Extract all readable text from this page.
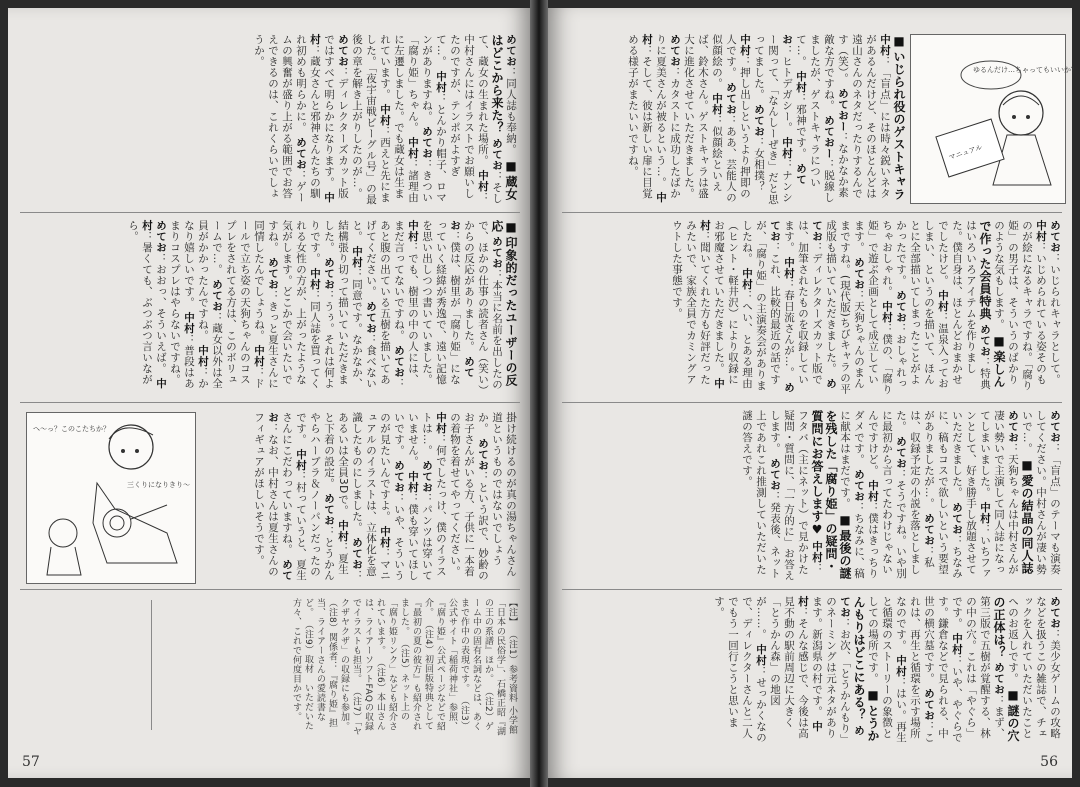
ゆるんだけ…ちゃってもいいか？
マニュアル
■ いじられ役のゲストキャラ 中村：「盲点」には時々鋭いネタがあるんだけど、そのほとんどは遠山さんのネタだったりするんです（笑）。 めておー：なかなか素敵な方ですね。 めておー：脱線しましたが、ゲストキャラについて…。 中村：邪神です。 めてお：ヒトデガシー。 中村：ナンシー関って、「なんしーぜき」だと思ってました。 めてお：女相撲？ 中村：押し出しというより押即の人です。 めてお：ああ、芸能人の似顔絵の。 中村：似顔絵といえば、鈴木さん。ゲストキャラは盛大に進化させていただきました。 めてお：カタストに成功したばかりに夏美さんが被るという…。 中村：そして、彼は新しい扉に目覚める様子がまたいいですね。
めてお：いじられキャラとして。 中村：いじめられている姿そのものが絵になるキャラですね。「腐り姫」の男子は、そういうのばかりのような気もします。 ■ 楽しんで作った会員特典 めてお：特典はいろいろアイテムを作りました。僕自身は、ほとんどおまかせでしたけど。 中村：温泉入っておしまい、というのを描いて、ほんとに全部描いてしまったことがよかったです。 めてお：おしゃれっちゃおしゃれ。 中村：僕の、「腐り姫」で遊ぶ企画として成立しています。 めてお：天狗ちゃんのまんまですね。(現代版)ちびキャラの平成版も描いていただきました。 めてお：ディレクターズカット版では、加筆されたものを収録しています。 中村：春日流さんが…。 めてお：これ、比較的最近の話ですが、「腐り姫」の主演奏会がありましたね。 中村：へい、とある理由（ヒント・軽井沢）により収録にお邪魔させていただきました。 中村：聞いてくれた方も好評だったみたいで、家族全員でカミングアウトした事態です。
めてお：「盲点」のテーマも演奏してください。中村さんが凄い勢いで…。 ■ 愛の結晶の同人誌 めてお：天狗ちゃんは中村さんが凄い勢いで主演して同人誌になってしまいました。 中村：いちファンとして、好き勝手し放題させていただきました。 めてお：ちなみに、稿もコスで欲しいという要望がありましたが…。 めてお：私は、収録予定の小説を落としました。 めてお：そうですね。いや別に最初から言ってたわけじゃないんですけど。 中村：僕はきっちりダメです。 めてお：ちなみに、稿に献本はまだです。 ■ 最後の謎を残した「腐り姫」の疑問・質問にお答えします♥ 中村：フタバ（主にネット）で見かけた疑問・質問に、「一方的に」お答えします。 めてお：発表後、ネット上であれこれ推測していただいた謎の答えです。
めてお：美少女ゲームの攻略などを扱うこの雑誌で、チェックを入れていただいたことへのお返しです。 ■ 謎の穴の正体は？ めてお：まず、第三版で五樹が覚醒する、林の中の穴。これは「やぐら」です。 中村：いや、やぐらです。鎌倉などで見られる、中世の横穴墓です。 めてお：これは、再生と循環を示す場所なのです。 中村：はい。再生と循環のストーリーの象徴としての場所です。 ■ とうかんもりはどこにある？ めてお：お次、「とうかんもり」のネーミングは元ネタがあります。新潟県の村です。 中村：そんな感じで、今後は高見不動の駅前周辺に大きく「とうかん森」の地図が……。 中村：せっかくなので、ディレクターさんと二人でもう一回行こうと思います。
56
めてお：同人誌も奉納。 ■ 蔵女はどこから来た？ めてお：そして、蔵女の生まれた場所。 中村：中村さんにはイラストでお願いしたのですが、テンポがよすぎて…。 中村：とんかり帽子、ロマンがありますね。 めてお：きつい「腐り姫」ちゃん。 中村：諸理由に左遷しました。でも蔵女は生まれています。 中村：西えと先にました。「夜宇宙戦ビーグル号」の最後の章を解き上がりしたのが…。 めてお：ディレクターズカット版ではすべて明らかになります。 中村：蔵女さんと邪神さんたちの馴れ初めも明らかに。 めてお：ゲームの興奮が盛り上がる範囲でお答えできるのは、これくらいでしょうか。
■ 印象的だったユーザーの反応 めてお：本当に名前を出したので、ほかの仕事の読者さん（笑い）からの反応がありました。 めてお：僕は、樹里が「腐り姫」になっていく経緯が秀逸で、遠い記憶を思い出しつつ書いていました。 中村：でも、樹里の中の人には、まだ言ってないですね。 めてお：あと腹の出ている五樹を描いてあげてください。 めてお：食べないと。 中村：同意です。なかなか、結構張り切って描いていただきました。 めてお：うぅ。それは何よりです。 中村：同人誌を買ってくれる女性の方が、上がったような気がします。どこかで会いたいですね。 めてお：きっと夏生さんに同情したんでしょうね。 中村：ドールで立ち姿の天狗ちゃんのコスプレをされてる方は、このボリュームで…。 めてお：蔵女以外は全員がかかったんですね。 中村：かなり嬉しいです。 中村：普段はあまりコスプレはやらないですね。 めてお：おおっ、そういえば。 中村：暑くても、ぶつぶつ言いながら。
へ〜っ？このこたちか？
三くりになりきり〜	掛け続けるのが真の湯ちゃんさん道というものではないでしょうか。 めてお：という訳で、妙齢のお子さんがいる方、子供に一本着の着物を着せてやってください。 中村：何でしたっけ、僕のイラストは…。 めてお：パンツは穿いていません。 中村：僕も穿いてほしいです。 めてお：いや、そういうのが見たいんですよ。 中村：マニュアルのイラストは、立体化を意識したものにしました。 めてお：あるいは全員3Dで。 中村：夏生と下着の設定。 めてお：とうかんやらハーブラ＆ノーパンだったのです。 中村：村っていうと、夏生さんにこだわっていますね。 めてお：なお、中村さんは夏生さんのフィギュアがほしいそうです。
【注】 （注1）参考資料 小学館「日本の民俗学」、石橋正昭『湖の王の系譜』ほか。 （注2）ゲーム中の固有名詞などは、あくまで作中の表現です。 （注3）公式サイト「稲荷神社」参照、『腐り姫』公式ページなどで紹介。 （注4）初回版特典として『最初の夏の彼方』も紹介されました。 （注5）ネット上の「腐り姫リンク」なども紹介されています。 （注6）本山さんは、ライアーソフトFAQの収録でイラストも担当。 （注7）「ヤクザヤクザ」の収録にも参加。 （注8）関係者：『腐り姫』担当、ライアーさんの愛読書など。 （注9）取材　いただいた方々、これで何度目かです。
57
